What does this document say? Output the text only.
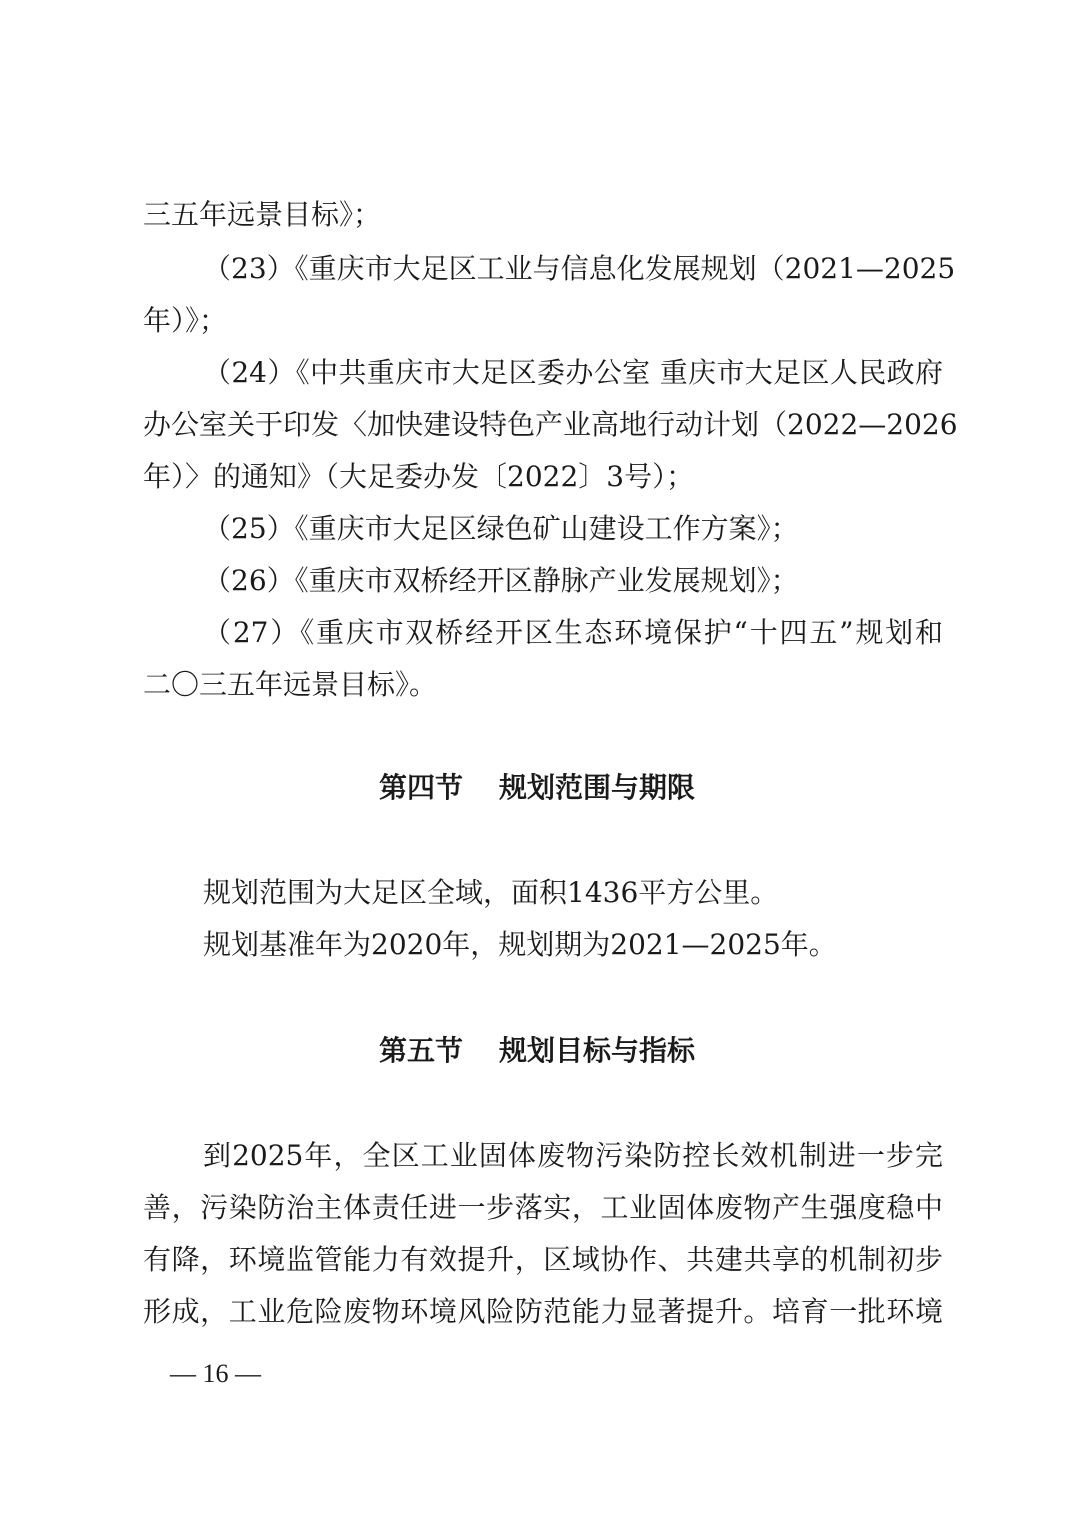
三五年远景目标》；

（23）《重庆市大足区工业与信息化发展规划（2021—2025

年）》；

（24）《中共重庆市大足区委办公室 重庆市大足区人民政府

办公室关于印发〈加快建设特色产业高地行动计划（2022—2026

年）〉的通知》（大足委办发〔2022〕3号）；

（25）《重庆市大足区绿色矿山建设工作方案》；

（26）《重庆市双桥经开区静脉产业发展规划》；

（27）《重庆市双桥经开区生态环境保护“十四五”规划和

二〇三五年远景目标》。

第四节 规划范围与期限

规划范围为大足区全域，面积1436平方公里。

规划基准年为2020年，规划期为2021—2025年。

第五节 规划目标与指标

到2025年，全区工业固体废物污染防控长效机制进一步完

善，污染防治主体责任进一步落实，工业固体废物产生强度稳中

有降，环境监管能力有效提升，区域协作、共建共享的机制初步

形成，工业危险废物环境风险防范能力显著提升。培育一批环境

— 16 —
